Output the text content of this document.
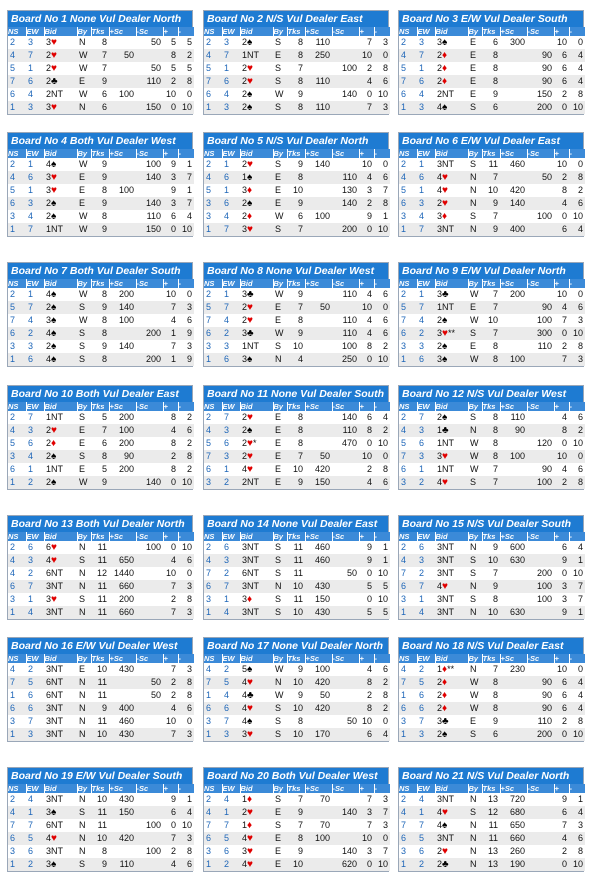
Board No 1 None Vul Dealer North
NS	EW	Bid	By	Tks	+Sc	-Sc	+	-
2	3	3♥	N	8		50	5	5
4	7	2♥	W	7	50		8	2
5	1	2♥	W	7		50	5	5
7	6	2♣	E	9		110	2	8
6	4	2NT	W	6	100		10	0
1	3	3♥	N	6		150	0	10
Board No 2 N/S Vul Dealer East
NS	EW	Bid	By	Tks	+Sc	-Sc	+	-
2	3	2♠	S	8	110		7	3
4	7	1NT	E	8	250		10	0
5	1	2♥	S	7		100	2	8
7	6	2♥	S	8	110		4	6
6	4	2♠	W	9		140	0	10
1	3	2♠	S	8	110		7	3
Board No 3 E/W Vul Dealer South
NS	EW	Bid	By	Tks	+Sc	-Sc	+	-
2	3	3♠	E	6	300		10	0
4	7	2♦	E	8		90	6	4
5	1	2♦	E	8		90	6	4
7	6	2♦	E	8		90	6	4
6	4	2NT	E	9		150	2	8
1	3	4♠	S	6		200	0	10
Board No 4 Both Vul Dealer West
NS	EW	Bid	By	Tks	+Sc	-Sc	+	-
2	1	4♠	W	9		100	9	1
4	6	3♥	E	9		140	3	7
5	1	3♥	E	8	100		9	1
6	3	2♠	E	9		140	3	7
3	4	2♠	W	8		110	6	4
1	7	1NT	W	9		150	0	10
Board No 5 N/S Vul Dealer North
NS	EW	Bid	By	Tks	+Sc	-Sc	+	-
2	1	2♥	S	9	140		10	0
4	6	1♠	E	8		110	4	6
5	1	3♦	E	10		130	3	7
3	6	2♠	E	9		140	2	8
3	4	2♦	W	6	100		9	1
1	7	3♥	S	7		200	0	10
Board No 6 E/W Vul Dealer East
NS	EW	Bid	By	Tks	+Sc	-Sc	+	-
2	1	3NT	S	11	460		10	0
4	6	4♥	N	7		50	2	8
5	1	4♥	N	10	420		8	2
6	3	2♥	N	9	140		4	6
3	4	3♦	S	7		100	0	10
1	7	3NT	N	9	400		6	4
Board No 7 Both Vul Dealer South
NS	EW	Bid	By	Tks	+Sc	-Sc	+	-
2	1	4♠	W	8	200		10	0
5	7	2♠	S	9	140		7	3
7	4	3♠	W	8	100		4	6
6	2	4♠	S	8		200	1	9
3	3	2♠	S	9	140		7	3
1	6	4♠	S	8		200	1	9
Board No 8 None Vul Dealer West
NS	EW	Bid	By	Tks	+Sc	-Sc	+	-
2	1	3♣	W	9		110	4	6
5	7	2♥	E	7	50		10	0
7	4	2♥	E	8		110	4	6
6	2	3♣	W	9		110	4	6
3	3	1NT	S	10		100	8	2
1	6	3♠	N	4		250	0	10
Board No 9 E/W Vul Dealer North
NS	EW	Bid	By	Tks	+Sc	-Sc	+	-
2	1	3♣	W	7	200		10	0
5	7	1NT	E	7		90	4	6
7	4	2♠	W	10		100	7	3
6	2	3♥**	S	7		300	0	10
3	3	2♠	E	8		110	2	8
1	6	3♠	W	8	100		7	3
Board No 10 Both Vul Dealer East
NS	EW	Bid	By	Tks	+Sc	-Sc	+	-
2	7	1NT	S	5	200		8	2
4	3	2♥	E	7	100		4	6
5	6	2♦	E	6	200		8	2
3	4	2♠	S	8	90		2	8
6	1	1NT	E	5	200		8	2
1	2	2♠	W	9		140	0	10
Board No 11 None Vul Dealer South
NS	EW	Bid	By	Tks	+Sc	-Sc	+	-
2	7	2♥	E	8		140	6	4
4	3	2♠	E	8		110	8	2
5	6	2♥*	E	8		470	0	10
7	3	2♥	E	7	50		10	0
6	1	4♥	E	10	420		2	8
3	2	2NT	E	9	150		4	6
Board No 12 N/S Vul Dealer West
NS	EW	Bid	By	Tks	+Sc	-Sc	+	-
2	7	2♠	S	8	110		4	6
4	3	1♣	N	8	90		8	2
5	6	1NT	W	8		120	0	10
7	3	3♥	W	8	100		10	0
6	1	1NT	W	7		90	4	6
3	2	4♥	S	7		100	2	8
Board No 13 Both Vul Dealer North
NS	EW	Bid	By	Tks	+Sc	-Sc	+	-
2	6	6♥	N	11		100	0	10
4	3	4♥	S	11	650		4	6
4	2	6NT	N	12	1440		10	0
6	7	3NT	N	11	660		7	3
3	1	3♥	S	11	200		2	8
1	4	3NT	N	11	660		7	3
Board No 14 None Vul Dealer East
NS	EW	Bid	By	Tks	+Sc	-Sc	+	-
2	6	3NT	S	11	460		9	1
4	3	3NT	S	11	460		9	1
7	2	6NT	S	11		50	0	10
6	7	3NT	N	10	430		5	5
3	1	3♦	S	11	150		0	10
1	4	3NT	S	10	430		5	5
Board No 15 N/S Vul Dealer South
NS	EW	Bid	By	Tks	+Sc	-Sc	+	-
2	6	3NT	N	9	600		6	4
4	3	3NT	S	10	630		9	1
7	2	3NT	S	7		200	0	10
6	7	4♥	N	9		100	3	7
3	1	3NT	S	8		100	3	7
1	4	3NT	N	10	630		9	1
Board No 16 E/W Vul Dealer West
NS	EW	Bid	By	Tks	+Sc	-Sc	+	-
4	2	3NT	E	10	430		7	3
7	5	6NT	N	11		50	2	8
1	6	6NT	N	11		50	2	8
6	6	3NT	N	9	400		4	6
3	7	3NT	N	11	460		10	0
1	3	3NT	N	10	430		7	3
Board No 17 None Vul Dealer North
NS	EW	Bid	By	Tks	+Sc	-Sc	+	-
4	2	5♠	W	9	100		4	6
7	5	4♥	N	10	420		8	2
1	4	4♣	W	9	50		2	8
6	6	4♥	S	10	420		8	2
3	7	4♠	S	8		50	10	0
1	3	3♥	S	10	170		6	4
Board No 18 N/S Vul Dealer East
NS	EW	Bid	By	Tks	+Sc	-Sc	+	-
4	2	1♦**	N	7	230		10	0
7	5	2♦	W	8		90	6	4
1	6	2♦	W	8		90	6	4
6	6	2♦	W	8		90	6	4
3	7	3♣	E	9		110	2	8
1	3	2♠	S	6		200	0	10
Board No 19 E/W Vul Dealer South
NS	EW	Bid	By	Tks	+Sc	-Sc	+	-
2	4	3NT	N	10	430		9	1
4	1	3♠	S	11	150		6	4
7	7	6NT	N	11		100	0	10
6	5	4♥	N	10	420		7	3
3	6	3NT	N	8		100	2	8
1	2	3♠	S	9	110		4	6
Board No 20 Both Vul Dealer West
NS	EW	Bid	By	Tks	+Sc	-Sc	+	-
2	4	1♦	S	7	70		7	3
4	1	2♥	E	9		140	3	7
7	7	1♦	S	7	70		7	3
6	5	4♥	E	8	100		10	0
3	6	3♥	E	9		140	3	7
1	2	4♥	E	10		620	0	10
Board No 21 N/S Vul Dealer North
NS	EW	Bid	By	Tks	+Sc	-Sc	+	-
2	4	3NT	N	13	720		9	1
4	1	4♥	S	12	680		6	4
7	7	4♠	N	11	650		7	3
6	5	3NT	N	11	660		4	6
3	6	2♥	N	13	260		2	8
1	2	2♣	N	13	190		0	10
